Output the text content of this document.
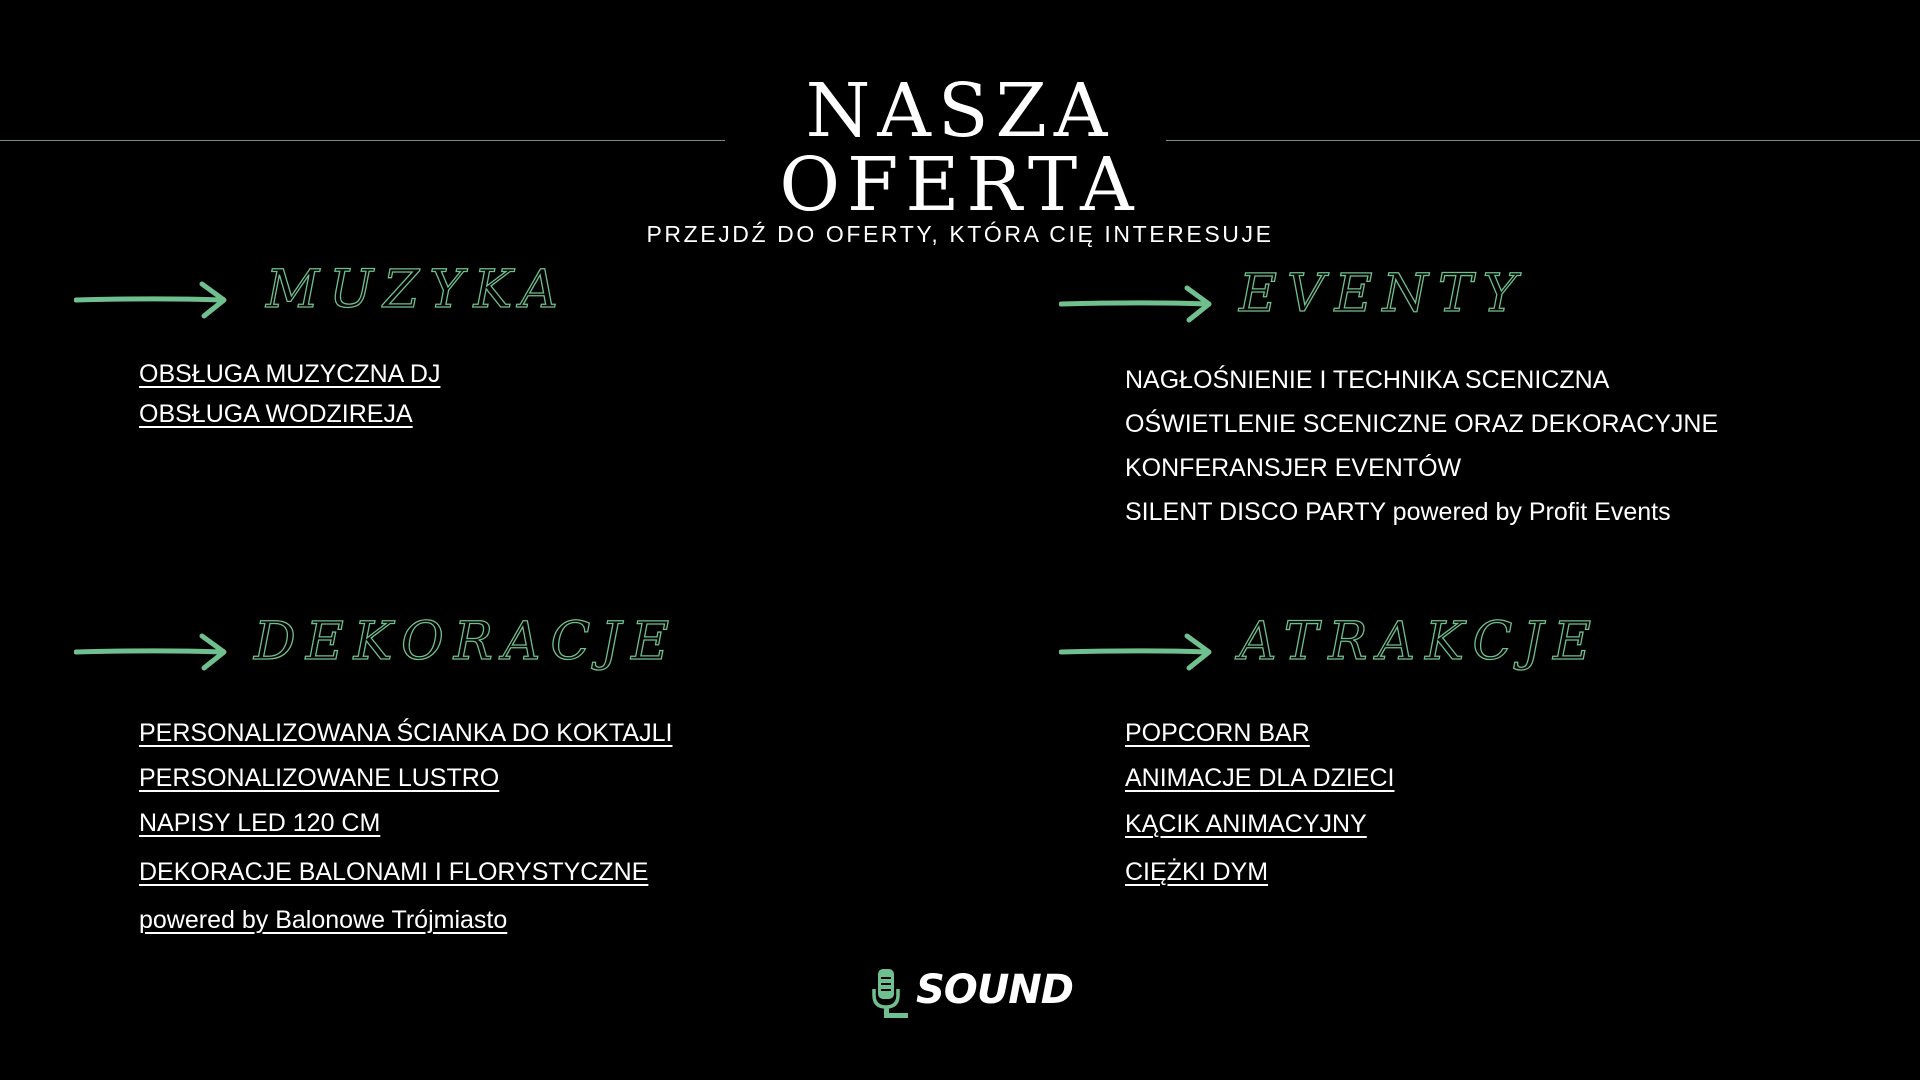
NASZA
OFERTA
PRZEJDŹ DO OFERTY, KTÓRA CIĘ INTERESUJE
MUZYKA
OBSŁUGA MUZYCZNA DJ
OBSŁUGA WODZIREJA
EVENTY
NAGŁOŚNIENIE I TECHNIKA SCENICZNA
OŚWIETLENIE SCENICZNE ORAZ DEKORACYJNE
KONFERANSJER EVENTÓW
SILENT DISCO PARTY powered by Profit Events
DEKORACJE
PERSONALIZOWANA ŚCIANKA DO KOKTAJLI
PERSONALIZOWANE LUSTRO
NAPISY LED 120 CM
DEKORACJE BALONAMI I FLORYSTYCZNE
powered by Balonowe Trójmiasto
ATRAKCJE
POPCORN BAR
ANIMACJE DLA DZIECI
KĄCIK ANIMACYJNY
CIĘŻKI DYM
SOUND
